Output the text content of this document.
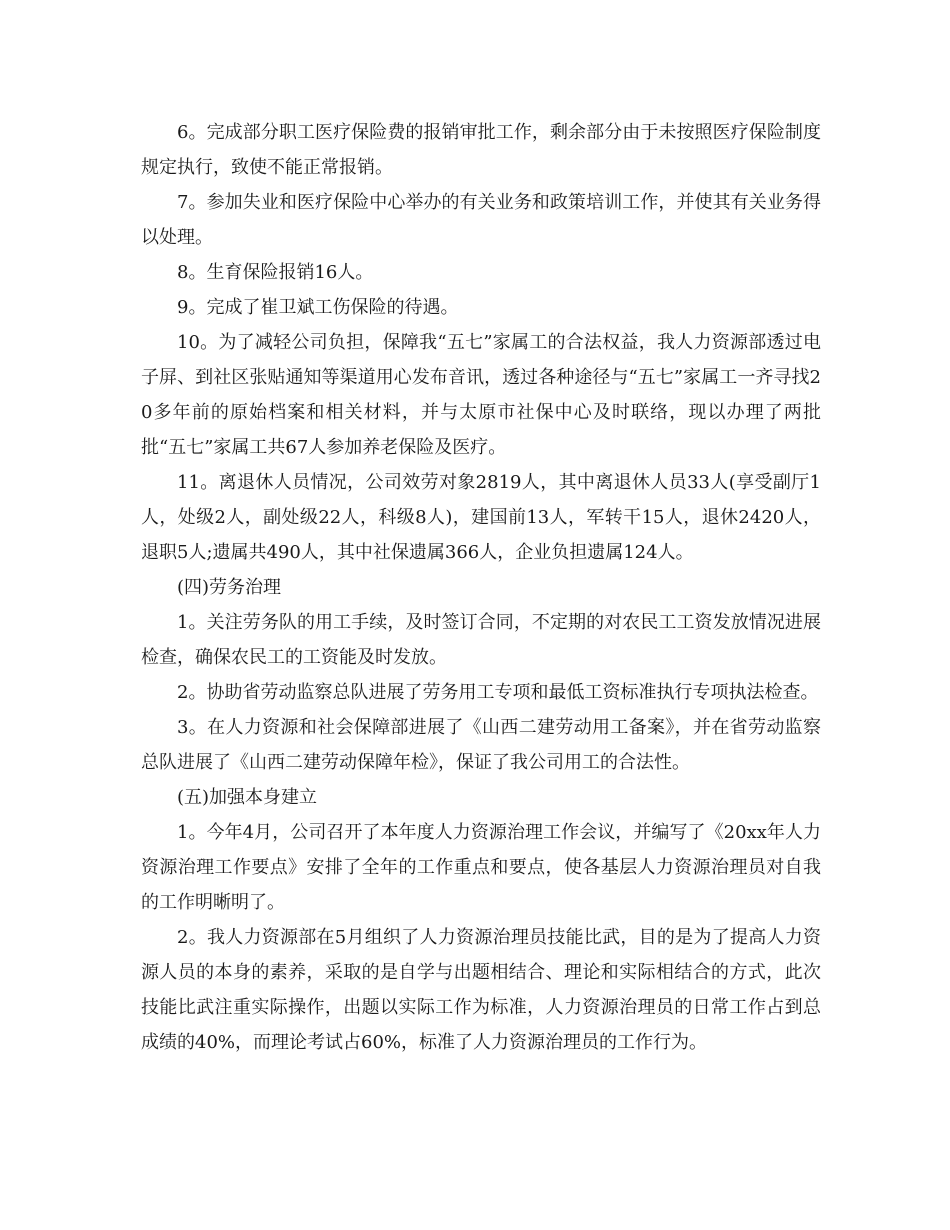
6。完成部分职工医疗保险费的报销审批工作，剩余部分由于未按照医疗保险制度规定执行，致使不能正常报销。

7。参加失业和医疗保险中心举办的有关业务和政策培训工作，并使其有关业务得以处理。

8。生育保险报销16人。

9。完成了崔卫斌工伤保险的待遇。

10。为了减轻公司负担，保障我“五七”家属工的合法权益，我人力资源部透过电子屏、到社区张贴通知等渠道用心发布音讯，透过各种途径与“五七”家属工一齐寻找20多年前的原始档案和相关材料，并与太原市社保中心及时联络，现以办理了两批批“五七”家属工共67人参加养老保险及医疗。

11。离退休人员情况，公司效劳对象2819人，其中离退休人员33人(享受副厅1人，处级2人，副处级22人，科级8人)，建国前13人，军转干15人，退休2420人，退职5人;遗属共490人，其中社保遗属366人，企业负担遗属124人。

(四)劳务治理

1。关注劳务队的用工手续，及时签订合同，不定期的对农民工工资发放情况进展检查，确保农民工的工资能及时发放。

2。协助省劳动监察总队进展了劳务用工专项和最低工资标准执行专项执法检查。

3。在人力资源和社会保障部进展了《山西二建劳动用工备案》，并在省劳动监察总队进展了《山西二建劳动保障年检》，保证了我公司用工的合法性。

(五)加强本身建立

1。今年4月，公司召开了本年度人力资源治理工作会议，并编写了《20xx年人力资源治理工作要点》安排了全年的工作重点和要点，使各基层人力资源治理员对自我的工作明晰明了。

2。我人力资源部在5月组织了人力资源治理员技能比武，目的是为了提高人力资源人员的本身的素养，采取的是自学与出题相结合、理论和实际相结合的方式，此次技能比武注重实际操作，出题以实际工作为标准，人力资源治理员的日常工作占到总成绩的40%，而理论考试占60%，标准了人力资源治理员的工作行为。
